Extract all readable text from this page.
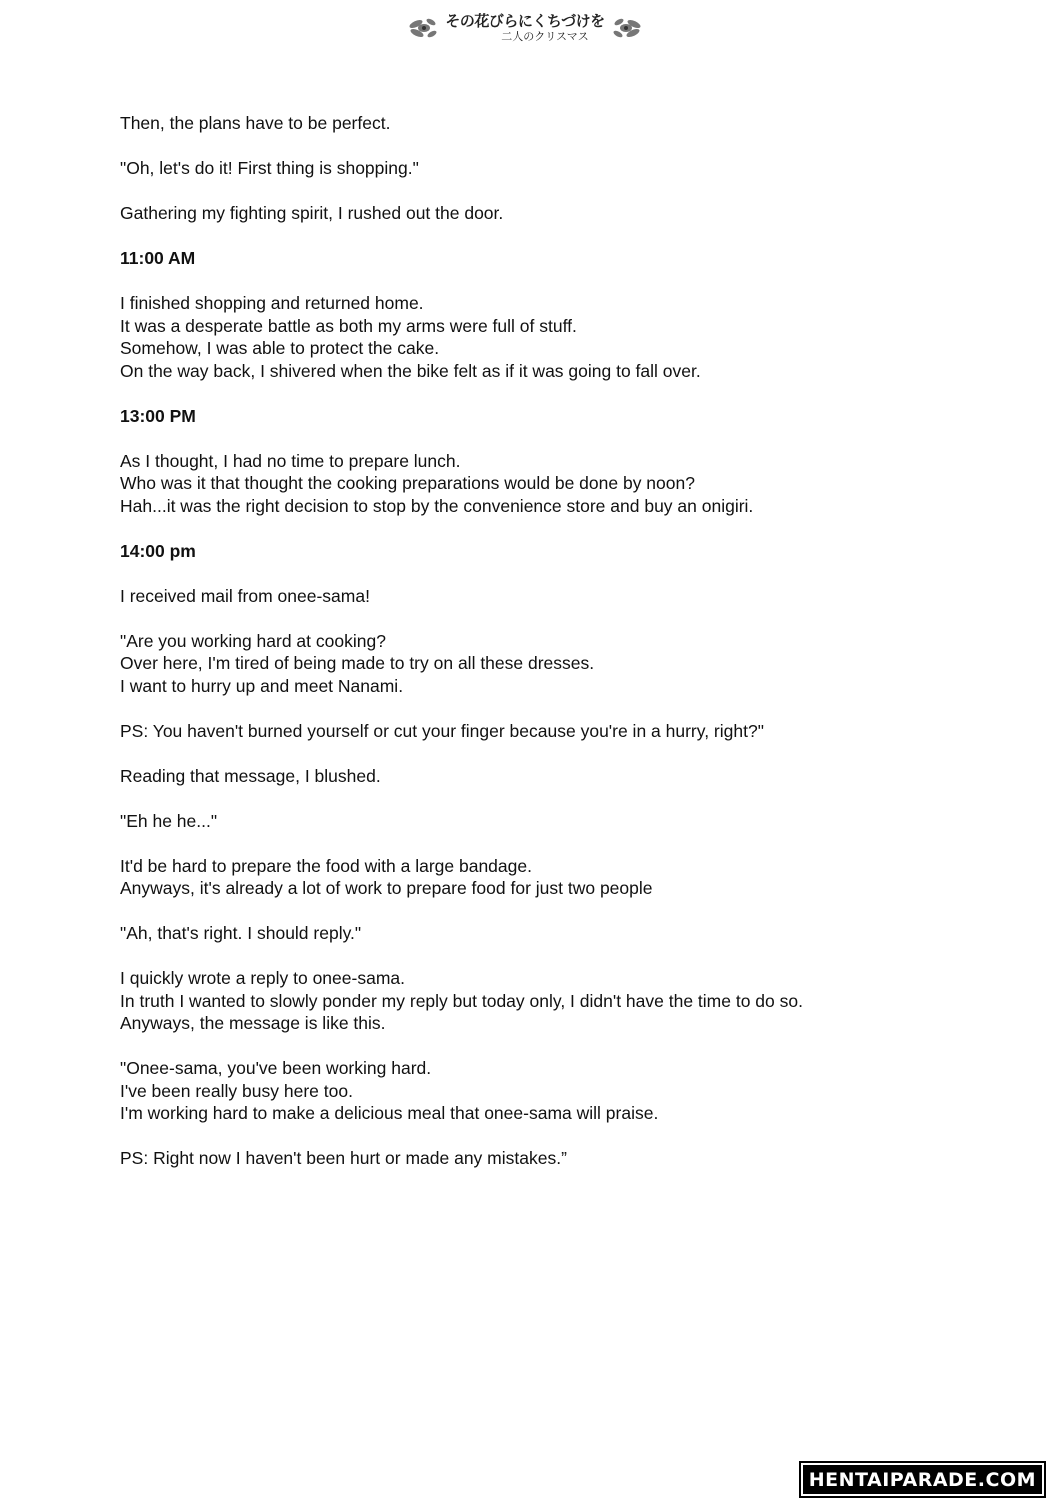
その花びらにくちづけを
二人のクリスマス
Then, the plans have to be perfect.
"Oh, let's do it! First thing is shopping."
Gathering my fighting spirit, I rushed out the door.
11:00 AM
I finished shopping and returned home.
It was a desperate battle as both my arms were full of stuff.
Somehow, I was able to protect the cake.
On the way back, I shivered when the bike felt as if it was going to fall over.
13:00 PM
As I thought, I had no time to prepare lunch.
Who was it that thought the cooking preparations would be done by noon?
Hah...it was the right decision to stop by the convenience store and buy an onigiri.
14:00 pm
I received mail from onee-sama!
"Are you working hard at cooking?
Over here, I'm tired of being made to try on all these dresses.
I want to hurry up and meet Nanami.
PS: You haven't burned yourself or cut your finger because you're in a hurry, right?"
Reading that message, I blushed.
"Eh he he..."
It'd be hard to prepare the food with a large bandage.
Anyways, it's already a lot of work to prepare food for just two people
"Ah, that's right. I should reply."
I quickly wrote a reply to onee-sama.
In truth I wanted to slowly ponder my reply but today only, I didn't have the time to do so.
Anyways, the message is like this.
"Onee-sama, you've been working hard.
I've been really busy here too.
I'm working hard to make a delicious meal that onee-sama will praise.
PS: Right now I haven't been hurt or made any mistakes.”
HENTAIPARADE.COM
